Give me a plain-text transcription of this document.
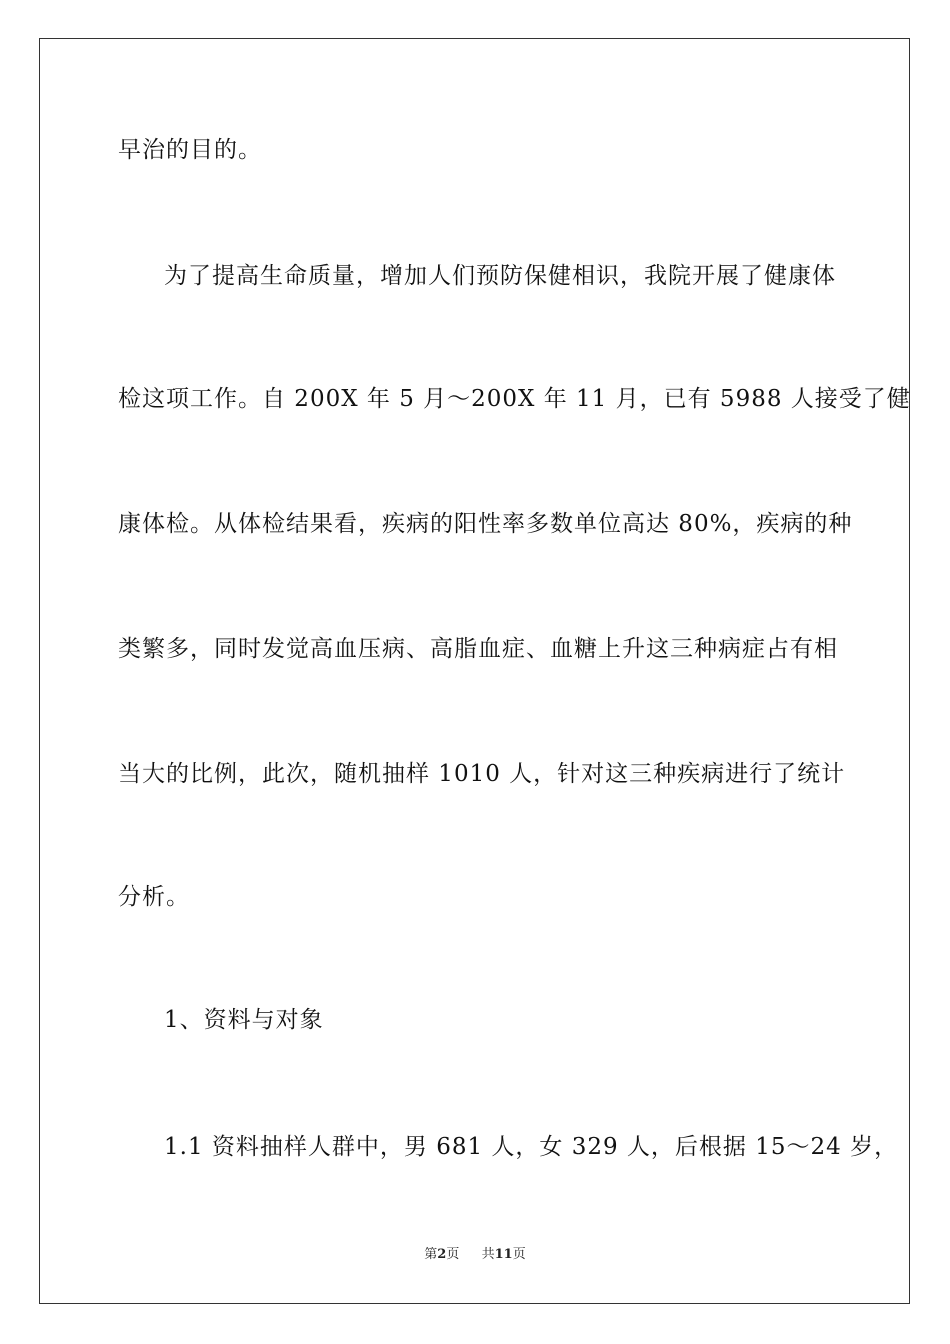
早治的目的。
为了提高生命质量，增加人们预防保健相识，我院开展了健康体
检这项工作。自 200X 年 5 月～200X 年 11 月，已有 5988 人接受了健
康体检。从体检结果看，疾病的阳性率多数单位高达 80%，疾病的种
类繁多，同时发觉高血压病、高脂血症、血糖上升这三种病症占有相
当大的比例，此次，随机抽样 1010 人，针对这三种疾病进行了统计
分析。
1、资料与对象
1.1 资料抽样人群中，男 681 人，女 329 人，后根据 15～24 岁，
第2页 共11页
